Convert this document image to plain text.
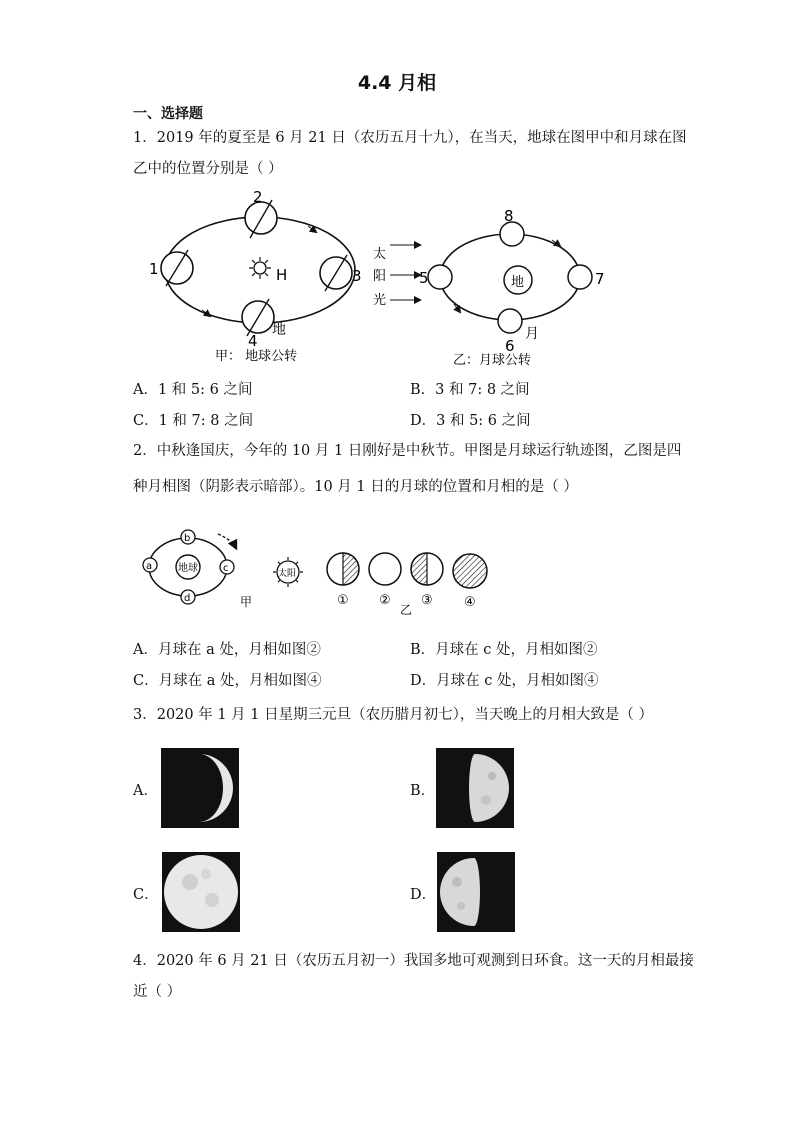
4.4 月相
一、选择题
1．2019 年的夏至是 6 月 21 日（农历五月十九），在当天，地球在图甲中和月球在图
乙中的位置分别是（ ）
1
2
3
4
H
地
甲： 地球公转
太
阳
光
地
5
6
7
8
月
乙：月球公转
A．1 和 5: 6 之间	B．3 和 7: 8 之间
C．1 和 7: 8 之间	D．3 和 5: 6 之间
2．中秋逢国庆，今年的 10 月 1 日刚好是中秋节。甲图是月球运行轨迹图，乙图是四
种月相图（阴影表示暗部）。10 月 1 日的月球的位置和月相的是（ ）
地球
a
b
c
d
太阳
甲	① ② ③ ④
乙
A．月球在 a 处，月相如图②	B．月球在 c 处，月相如图②
C．月球在 a 处，月相如图④	D．月球在 c 处，月相如图④
3．2020 年 1 月 1 日星期三元旦（农历腊月初七），当天晚上的月相大致是（ ）
A．	B．
C．	D．
4．2020 年 6 月 21 日（农历五月初一）我国多地可观测到日环食。这一天的月相最接
近（ ）
